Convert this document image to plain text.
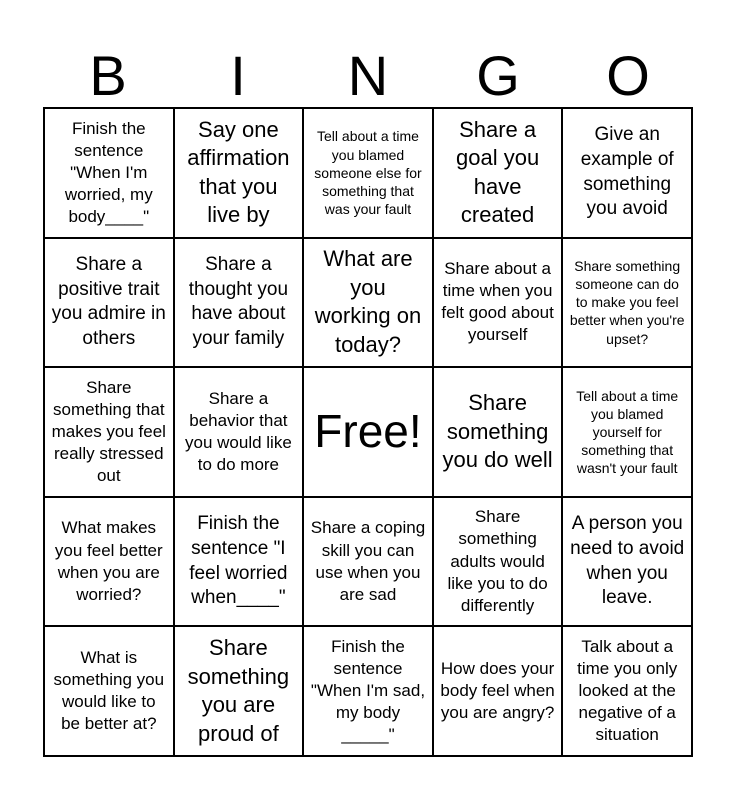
B	I	N	G	O
Finish the sentence "When I'm worried, my body____"
Say one affirmation that you live by
Tell about a time you blamed someone else for something that was your fault
Share a goal you have created
Give an example of something you avoid
Share a positive trait you admire in others
Share a thought you have about your family
What are you working on today?
Share about a time when you felt good about yourself
Share something someone can do to make you feel better when you're upset?
Share something that makes you feel really stressed out
Share a behavior that you would like to do more
Free!
Share something you do well
Tell about a time you blamed yourself for something that wasn't your fault
What makes you feel better when you are worried?
Finish the sentence "I feel worried when____"
Share a coping skill you can use when you are sad
Share something adults would like you to do differently
A person you need to avoid when you leave.
What is something you would like to be better at?
Share something you are proud of
Finish the sentence "When I'm sad, my body _____"
How does your body feel when you are angry?
Talk about a time you only looked at the negative of a situation
